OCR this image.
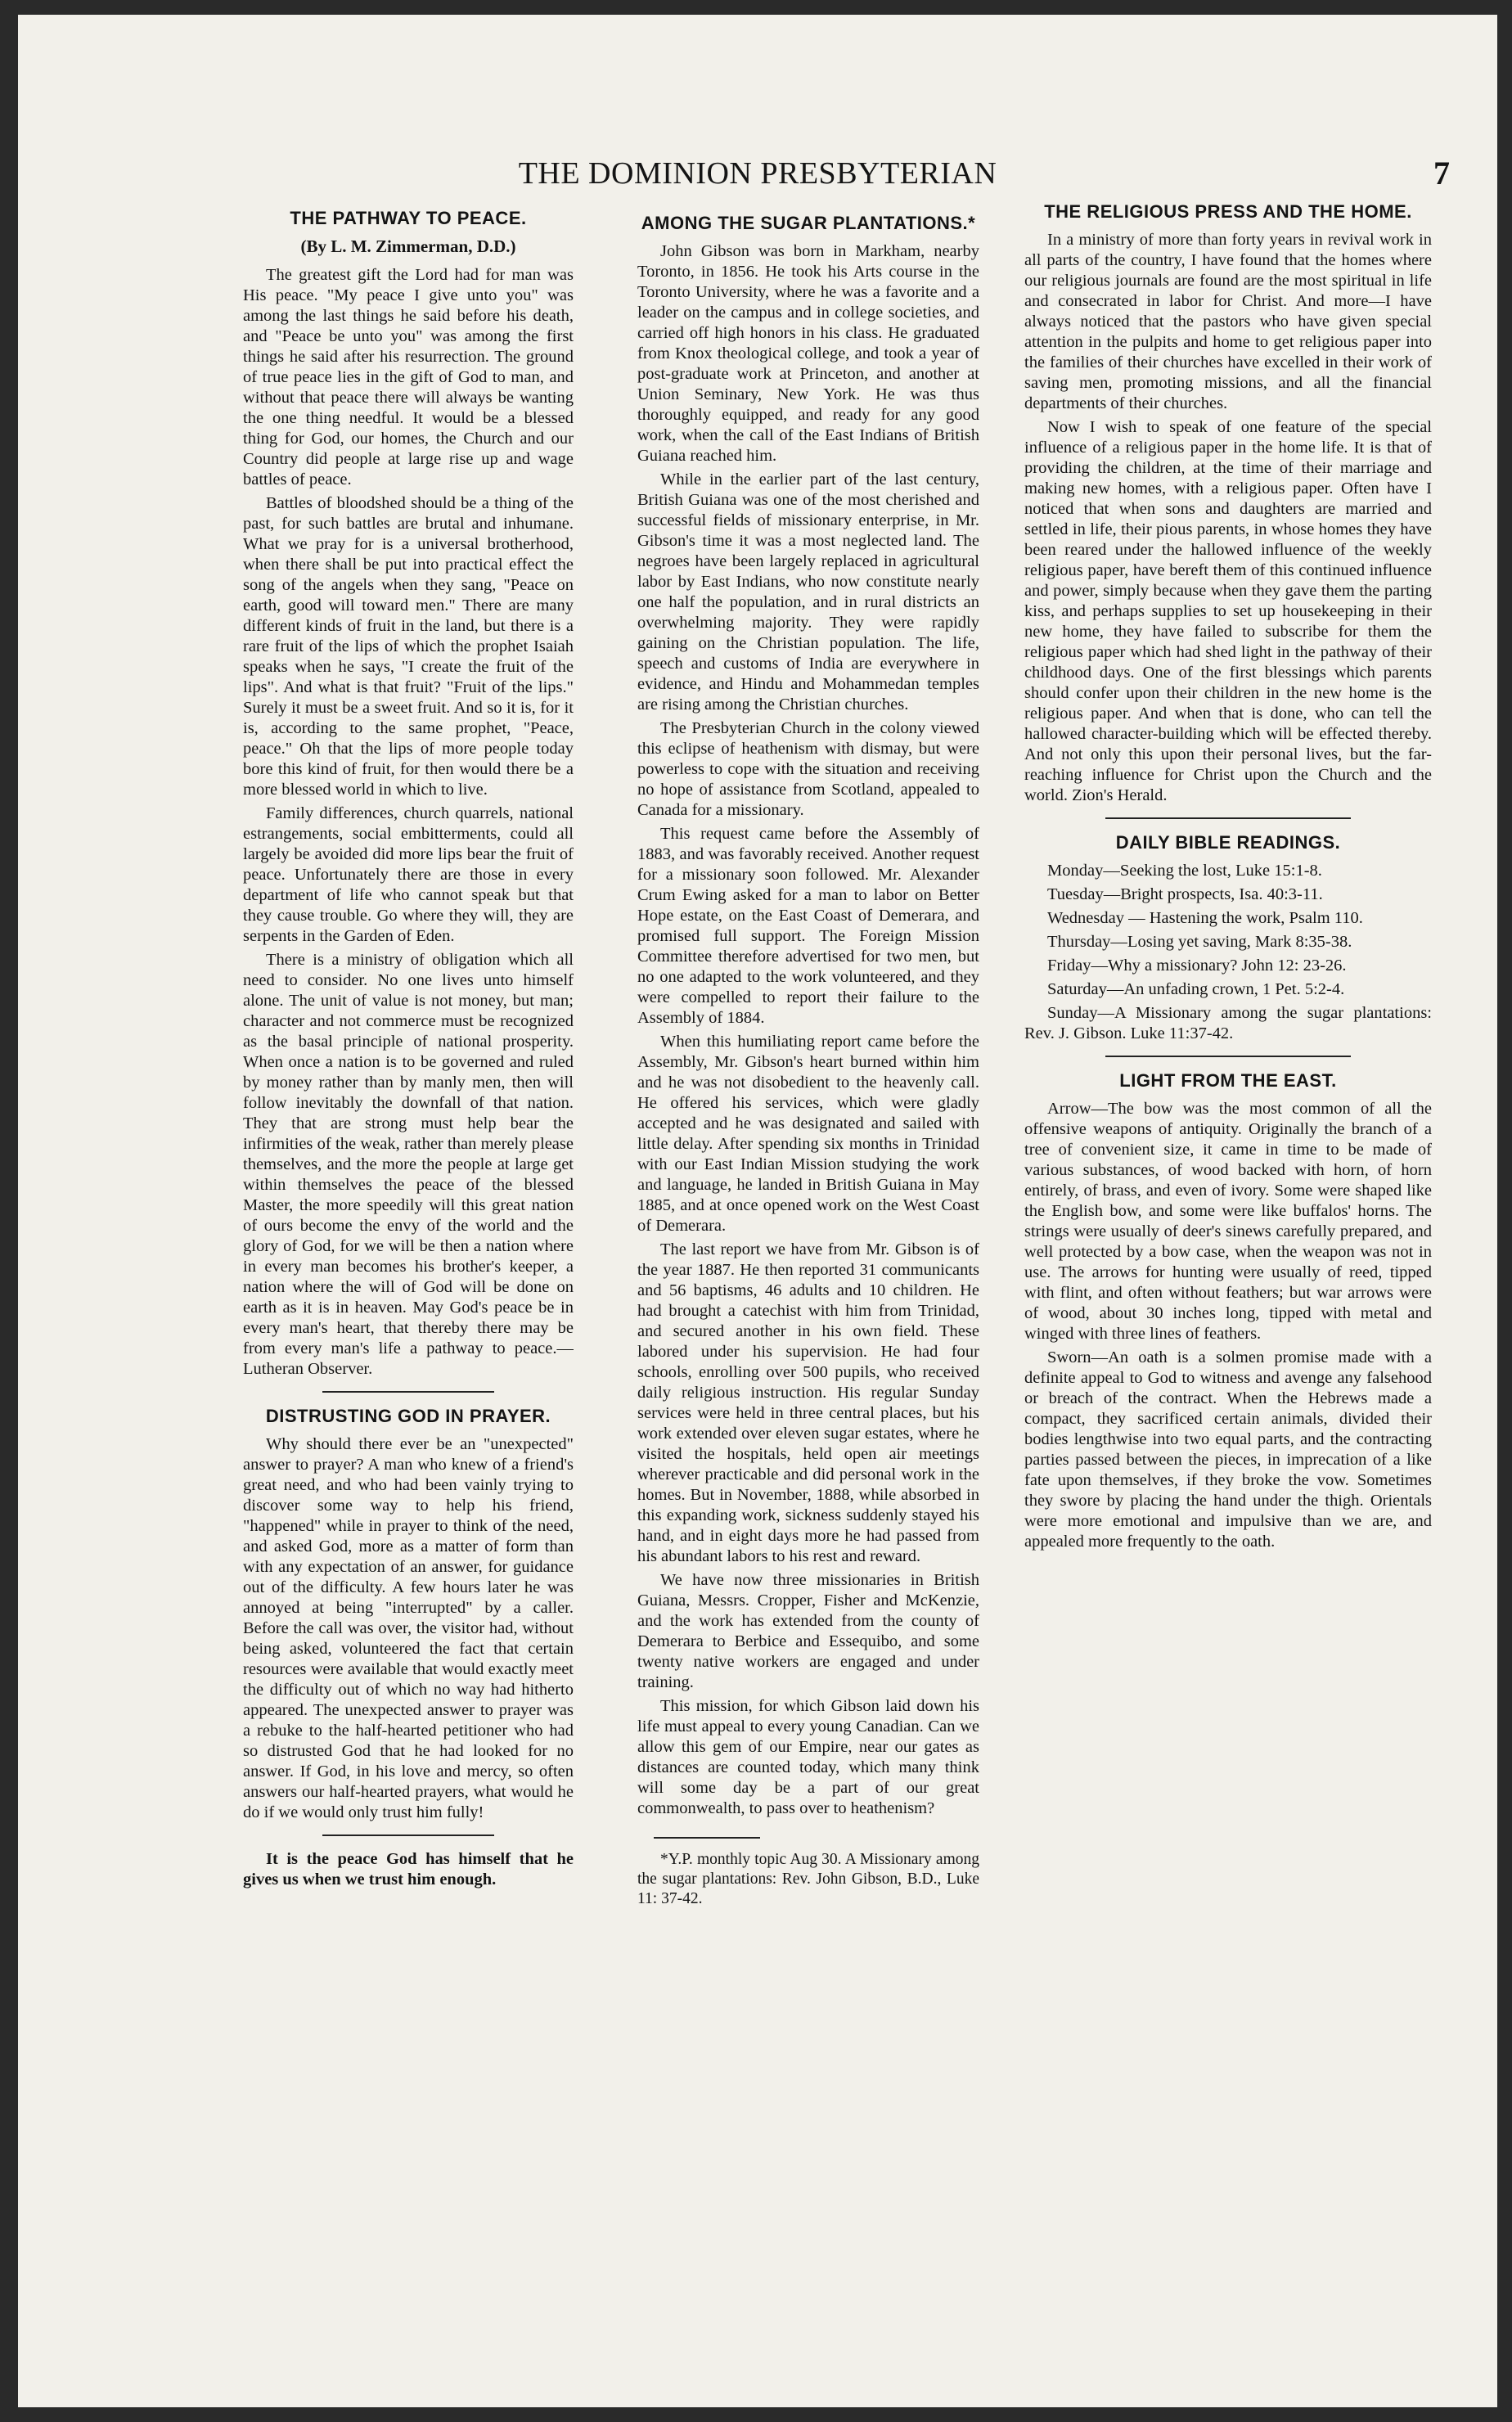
THE DOMINION PRESBYTERIAN	7
THE PATHWAY TO PEACE.
(By L. M. Zimmerman, D.D.)

The greatest gift the Lord had for man was His peace. "My peace I give unto you" was among the last things he said before his death, and "Peace be unto you" was among the first things he said after his resurrection. The ground of true peace lies in the gift of God to man, and without that peace there will always be wanting the one thing needful. It would be a blessed thing for God, our homes, the Church and our Country did people at large rise up and wage battles of peace.

Battles of bloodshed should be a thing of the past, for such battles are brutal and inhumane. What we pray for is a universal brotherhood, when there shall be put into practical effect the song of the angels when they sang, "Peace on earth, good will toward men." There are many different kinds of fruit in the land, but there is a rare fruit of the lips of which the prophet Isaiah speaks when he says, "I create the fruit of the lips". And what is that fruit? "Fruit of the lips." Surely it must be a sweet fruit. And so it is, for it is, according to the same prophet, "Peace, peace." Oh that the lips of more people today bore this kind of fruit, for then would there be a more blessed world in which to live.

Family differences, church quarrels, national estrangements, social embitterments, could all largely be avoided did more lips bear the fruit of peace. Unfortunately there are those in every department of life who cannot speak but that they cause trouble. Go where they will, they are serpents in the Garden of Eden.

There is a ministry of obligation which all need to consider. No one lives unto himself alone. The unit of value is not money, but man; character and not commerce must be recognized as the basal principle of national prosperity. When once a nation is to be governed and ruled by money rather than by manly men, then will follow inevitably the downfall of that nation. They that are strong must help bear the infirmities of the weak, rather than merely please themselves, and the more the people at large get within themselves the peace of the blessed Master, the more speedily will this great nation of ours become the envy of the world and the glory of God, for we will be then a nation where in every man becomes his brother's keeper, a nation where the will of God will be done on earth as it is in heaven. May God's peace be in every man's heart, that thereby there may be from every man's life a pathway to peace.— Lutheran Observer.

DISTRUSTING GOD IN PRAYER.

Why should there ever be an "unexpected" answer to prayer? A man who knew of a friend's great need, and who had been vainly trying to discover some way to help his friend, "happened" while in prayer to think of the need, and asked God, more as a matter of form than with any expectation of an answer, for guidance out of the difficulty. A few hours later he was annoyed at being "interrupted" by a caller. Before the call was over, the visitor had, without being asked, volunteered the fact that certain resources were available that would exactly meet the difficulty out of which no way had hitherto appeared. The unexpected answer to prayer was a rebuke to the half-hearted petitioner who had so distrusted God that he had looked for no answer. If God, in his love and mercy, so often answers our half-hearted prayers, what would he do if we would only trust him fully!

It is the peace God has himself that he gives us when we trust him enough.

AMONG THE SUGAR PLANTATIONS.*

John Gibson was born in Markham, nearby Toronto, in 1856. He took his Arts course in the Toronto University, where he was a favorite and a leader on the campus and in college societies, and carried off high honors in his class. He graduated from Knox theological college, and took a year of post-graduate work at Princeton, and another at Union Seminary, New York. He was thus thoroughly equipped, and ready for any good work, when the call of the East Indians of British Guiana reached him.

While in the earlier part of the last century, British Guiana was one of the most cherished and successful fields of missionary enterprise, in Mr. Gibson's time it was a most neglected land. The negroes have been largely replaced in agricultural labor by East Indians, who now constitute nearly one half the population, and in rural districts an overwhelming majority. They were rapidly gaining on the Christian population. The life, speech and customs of India are everywhere in evidence, and Hindu and Mohammedan temples are rising among the Christian churches.

The Presbyterian Church in the colony viewed this eclipse of heathenism with dismay, but were powerless to cope with the situation and receiving no hope of assistance from Scotland, appealed to Canada for a missionary.

This request came before the Assembly of 1883, and was favorably received. Another request for a missionary soon followed. Mr. Alexander Crum Ewing asked for a man to labor on Better Hope estate, on the East Coast of Demerara, and promised full support. The Foreign Mission Committee therefore advertised for two men, but no one adapted to the work volunteered, and they were compelled to report their failure to the Assembly of 1884.

When this humiliating report came before the Assembly, Mr. Gibson's heart burned within him and he was not disobedient to the heavenly call. He offered his services, which were gladly accepted and he was designated and sailed with little delay. After spending six months in Trinidad with our East Indian Mission studying the work and language, he landed in British Guiana in May 1885, and at once opened work on the West Coast of Demerara.

The last report we have from Mr. Gibson is of the year 1887. He then reported 31 communicants and 56 baptisms, 46 adults and 10 children. He had brought a catechist with him from Trinidad, and secured another in his own field. These labored under his supervision. He had four schools, enrolling over 500 pupils, who received daily religious instruction. His regular Sunday services were held in three central places, but his work extended over eleven sugar estates, where he visited the hospitals, held open air meetings wherever practicable and did personal work in the homes. But in November, 1888, while absorbed in this expanding work, sickness suddenly stayed his hand, and in eight days more he had passed from his abundant labors to his rest and reward.

We have now three missionaries in British Guiana, Messrs. Cropper, Fisher and McKenzie, and the work has extended from the county of Demerara to Berbice and Essequibo, and some twenty native workers are engaged and under training.

This mission, for which Gibson laid down his life must appeal to every young Canadian. Can we allow this gem of our Empire, near our gates as distances are counted today, which many think will some day be a part of our great commonwealth, to pass over to heathenism?

*Y.P. monthly topic Aug 30. A Missionary among the sugar plantations: Rev. John Gibson, B.D., Luke 11: 37-42.

THE RELIGIOUS PRESS AND THE HOME.

In a ministry of more than forty years in revival work in all parts of the country, I have found that the homes where our religious journals are found are the most spiritual in life and consecrated in labor for Christ. And more—I have always noticed that the pastors who have given special attention in the pulpits and home to get religious paper into the families of their churches have excelled in their work of saving men, promoting missions, and all the financial departments of their churches.

Now I wish to speak of one feature of the special influence of a religious paper in the home life. It is that of providing the children, at the time of their marriage and making new homes, with a religious paper. Often have I noticed that when sons and daughters are married and settled in life, their pious parents, in whose homes they have been reared under the hallowed influence of the weekly religious paper, have bereft them of this continued influence and power, simply because when they gave them the parting kiss, and perhaps supplies to set up housekeeping in their new home, they have failed to subscribe for them the religious paper which had shed light in the pathway of their childhood days. One of the first blessings which parents should confer upon their children in the new home is the religious paper. And when that is done, who can tell the hallowed character-building which will be effected thereby. And not only this upon their personal lives, but the far-reaching influence for Christ upon the Church and the world. Zion's Herald.

DAILY BIBLE READINGS.

Monday—Seeking the lost, Luke 15:1-8.

Tuesday—Bright prospects, Isa. 40:3-11.

Wednesday — Hastening the work, Psalm 110.

Thursday—Losing yet saving, Mark 8:35-38.

Friday—Why a missionary? John 12: 23-26.

Saturday—An unfading crown, 1 Pet. 5:2-4.

Sunday—A Missionary among the sugar plantations: Rev. J. Gibson. Luke 11:37-42.

LIGHT FROM THE EAST.

Arrow—The bow was the most common of all the offensive weapons of antiquity. Originally the branch of a tree of convenient size, it came in time to be made of various substances, of wood backed with horn, of horn entirely, of brass, and even of ivory. Some were shaped like the English bow, and some were like buffalos' horns. The strings were usually of deer's sinews carefully prepared, and well protected by a bow case, when the weapon was not in use. The arrows for hunting were usually of reed, tipped with flint, and often without feathers; but war arrows were of wood, about 30 inches long, tipped with metal and winged with three lines of feathers.

Sworn—An oath is a solmen promise made with a definite appeal to God to witness and avenge any falsehood or breach of the contract. When the Hebrews made a compact, they sacrificed certain animals, divided their bodies lengthwise into two equal parts, and the contracting parties passed between the pieces, in imprecation of a like fate upon themselves, if they broke the vow. Sometimes they swore by placing the hand under the thigh. Orientals were more emotional and impulsive than we are, and appealed more frequently to the oath.
